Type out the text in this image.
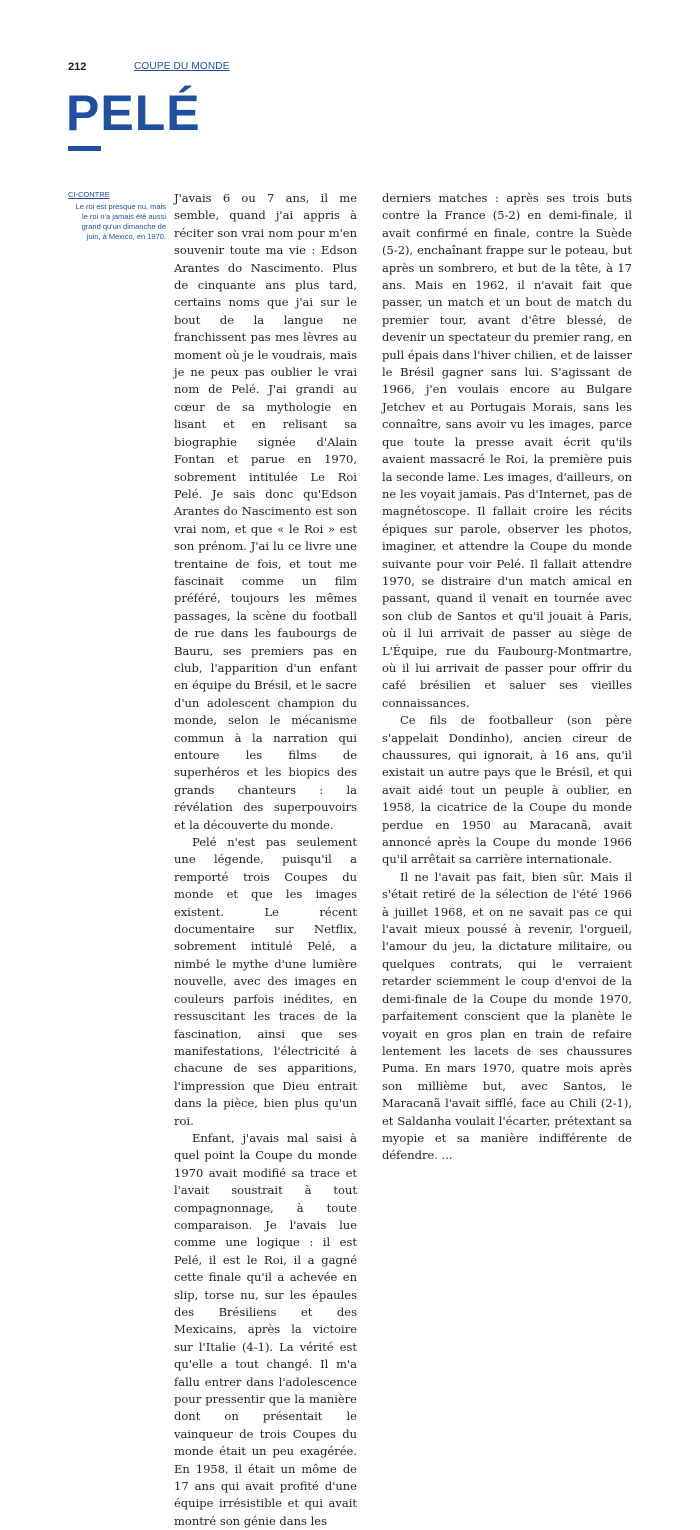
212	COUPE DU MONDE
PELÉ
CI-CONTRE
Le roi est presque nu, mais le roi n'a jamais été aussi grand qu'un dimanche de juin, à Mexico, en 1970.

J'avais 6 ou 7 ans, il me semble, quand j'ai appris à réciter son vrai nom pour m'en souvenir toute ma vie : Edson Arantes do Nascimento. Plus de cinquante ans plus tard, certains noms que j'ai sur le bout de la langue ne franchissent pas mes lèvres au moment où je le voudrais, mais je ne peux pas oublier le vrai nom de Pelé. J'ai grandi au cœur de sa mythologie en lisant et en relisant sa biographie signée d'Alain Fontan et parue en 1970, sobrement intitulée Le Roi Pelé. Je sais donc qu'Edson Arantes do Nascimento est son vrai nom, et que « le Roi » est son prénom. J'ai lu ce livre une trentaine de fois, et tout me fascinait comme un film préféré, toujours les mêmes passages, la scène du football de rue dans les faubourgs de Bauru, ses premiers pas en club, l'apparition d'un enfant en équipe du Brésil, et le sacre d'un adolescent champion du monde, selon le mécanisme commun à la narration qui entoure les films de superhéros et les biopics des grands chanteurs : la révélation des superpouvoirs et la découverte du monde.

Pelé n'est pas seulement une légende, puisqu'il a remporté trois Coupes du monde et que les images existent. Le récent documentaire sur Netflix, sobrement intitulé Pelé, a nimbé le mythe d'une lumière nouvelle, avec des images en couleurs parfois inédites, en ressuscitant les traces de la fascination, ainsi que ses manifestations, l'électricité à chacune de ses apparitions, l'impression que Dieu entrait dans la pièce, bien plus qu'un roi.

Enfant, j'avais mal saisi à quel point la Coupe du monde 1970 avait modifié sa trace et l'avait soustrait à tout compagnonnage, à toute comparaison. Je l'avais lue comme une logique : il est Pelé, il est le Roi, il a gagné cette finale qu'il a achevée en slip, torse nu, sur les épaules des Brésiliens et des Mexicains, après la victoire sur l'Italie (4-1). La vérité est qu'elle a tout changé. Il m'a fallu entrer dans l'adolescence pour pressentir que la manière dont on présentait le vainqueur de trois Coupes du monde était un peu exagérée. En 1958, il était un môme de 17 ans qui avait profité d'une équipe irrésistible et qui avait montré son génie dans les

derniers matches : après ses trois buts contre la France (5-2) en demi-finale, il avait confirmé en finale, contre la Suède (5-2), enchaînant frappe sur le poteau, but après un sombrero, et but de la tête, à 17 ans. Mais en 1962, il n'avait fait que passer, un match et un bout de match du premier tour, avant d'être blessé, de devenir un spectateur du premier rang, en pull épais dans l'hiver chilien, et de laisser le Brésil gagner sans lui. S'agissant de 1966, j'en voulais encore au Bulgare Jetchev et au Portugais Morais, sans les connaître, sans avoir vu les images, parce que toute la presse avait écrit qu'ils avaient massacré le Roi, la première puis la seconde lame. Les images, d'ailleurs, on ne les voyait jamais. Pas d'Internet, pas de magnétoscope. Il fallait croire les récits épiques sur parole, observer les photos, imaginer, et attendre la Coupe du monde suivante pour voir Pelé. Il fallait attendre 1970, se distraire d'un match amical en passant, quand il venait en tournée avec son club de Santos et qu'il jouait à Paris, où il lui arrivait de passer au siège de L'Équipe, rue du Faubourg-Montmartre, où il lui arrivait de passer pour offrir du café brésilien et saluer ses vieilles connaissances.

Ce fils de footballeur (son père s'appelait Dondinho), ancien cireur de chaussures, qui ignorait, à 16 ans, qu'il existait un autre pays que le Brésil, et qui avait aidé tout un peuple à oublier, en 1958, la cicatrice de la Coupe du monde perdue en 1950 au Maracanã, avait annoncé après la Coupe du monde 1966 qu'il arrêtait sa carrière internationale.

Il ne l'avait pas fait, bien sûr. Mais il s'était retiré de la sélection de l'été 1966 à juillet 1968, et on ne savait pas ce qui l'avait mieux poussé à revenir, l'orgueil, l'amour du jeu, la dictature militaire, ou quelques contrats, qui le verraient retarder sciemment le coup d'envoi de la demi-finale de la Coupe du monde 1970, parfaitement conscient que la planète le voyait en gros plan en train de refaire lentement les lacets de ses chaussures Puma. En mars 1970, quatre mois après son millième but, avec Santos, le Maracanã l'avait sifflé, face au Chili (2-1), et Saldanha voulait l'écarter, prétextant sa myopie et sa manière indifférente de défendre. ...
